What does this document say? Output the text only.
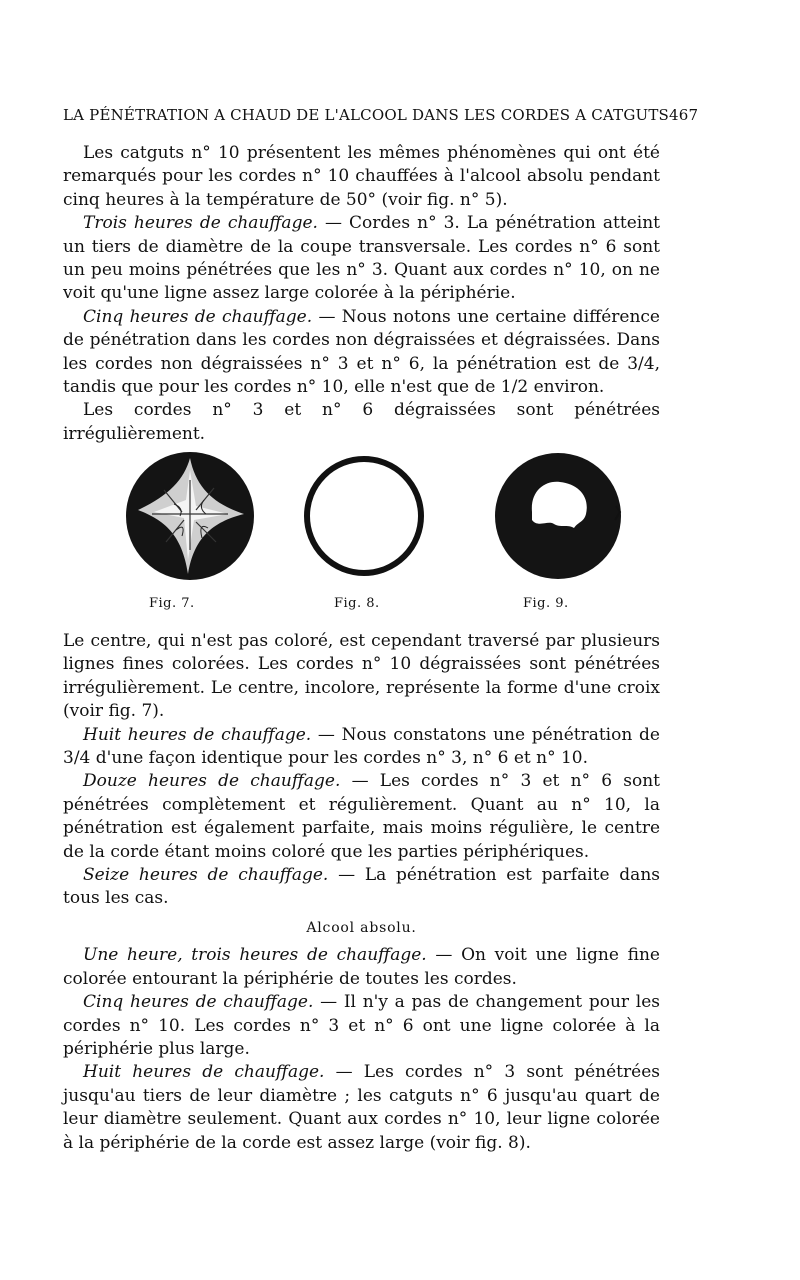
LA PÉNÉTRATION A CHAUD DE L'ALCOOL DANS LES CORDES A CATGUTS 467

Les catguts n° 10 présentent les mêmes phénomènes qui ont été remarqués pour les cordes n° 10 chauffées à l'alcool absolu pendant cinq heures à la température de 50° (voir fig. n° 5).

Trois heures de chauffage. — Cordes n° 3. La pénétration atteint un tiers de diamètre de la coupe transversale. Les cordes n° 6 sont un peu moins pénétrées que les n° 3. Quant aux cordes n° 10, on ne voit qu'une ligne assez large colorée à la périphérie.

Cinq heures de chauffage. — Nous notons une certaine différence de pénétration dans les cordes non dégraissées et dégraissées. Dans les cordes non dégraissées n° 3 et n° 6, la pénétration est de 3/4, tandis que pour les cordes n° 10, elle n'est que de 1/2 environ.

Les cordes n° 3 et n° 6 dégraissées sont pénétrées irrégulièrement.

Fig. 7.	Fig. 8.	Fig. 9.

Le centre, qui n'est pas coloré, est cependant traversé par plusieurs lignes fines colorées. Les cordes n° 10 dégraissées sont pénétrées irrégulièrement. Le centre, incolore, représente la forme d'une croix (voir fig. 7).

Huit heures de chauffage. — Nous constatons une pénétration de 3/4 d'une façon identique pour les cordes n° 3, n° 6 et n° 10.

Douze heures de chauffage. — Les cordes n° 3 et n° 6 sont pénétrées complètement et régulièrement. Quant au n° 10, la pénétration est également parfaite, mais moins régulière, le centre de la corde étant moins coloré que les parties périphériques.

Seize heures de chauffage. — La pénétration est parfaite dans tous les cas.

Alcool absolu.

Une heure, trois heures de chauffage. — On voit une ligne fine colorée entourant la périphérie de toutes les cordes.

Cinq heures de chauffage. — Il n'y a pas de changement pour les cordes n° 10. Les cordes n° 3 et n° 6 ont une ligne colorée à la périphérie plus large.

Huit heures de chauffage. — Les cordes n° 3 sont pénétrées jusqu'au tiers de leur diamètre ; les catguts n° 6 jusqu'au quart de leur diamètre seulement. Quant aux cordes n° 10, leur ligne colorée à la périphérie de la corde est assez large (voir fig. 8).
